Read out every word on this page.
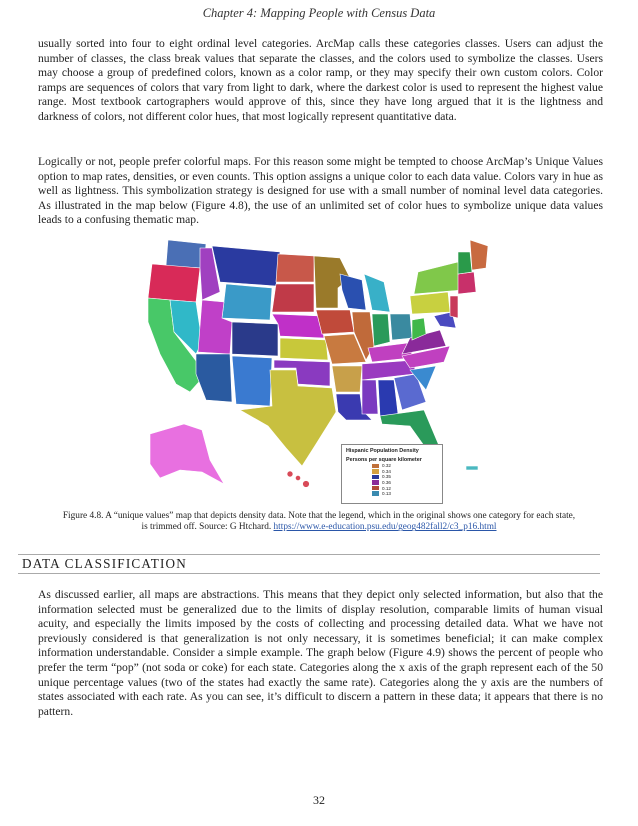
Chapter 4: Mapping People with Census Data

usually sorted into four to eight ordinal level categories. ArcMap calls these categories classes. Users can adjust the number of classes, the class break values that separate the classes, and the colors used to symbolize the classes. Users may choose a group of predefined colors, known as a color ramp, or they may specify their own custom colors. Color ramps are sequences of colors that vary from light to dark, where the darkest color is used to represent the highest value range. Most textbook cartographers would approve of this, since they have long argued that it is the lightness and darkness of colors, not different color hues, that most logically represent quantitative data.

Logically or not, people prefer colorful maps. For this reason some might be tempted to choose ArcMap’s Unique Values option to map rates, densities, or even counts. This option assigns a unique color to each data value. Colors vary in hue as well as lightness. This symbolization strategy is designed for use with a small number of nominal level data categories. As illustrated in the map below (Figure 4.8), the use of an unlimited set of color hues to symbolize unique data values leads to a confusing thematic map.

Hispanic Population Density
Persons per square kilometer
0.32
0.34
0.35
0.36
0.12
0.13
Figure 4.8. A “unique values” map that depicts density data. Note that the legend, which in the original shows one category for each state, is trimmed off. Source: G Htchard. https://www.e-education.psu.edu/geog482fall2/c3_p16.html
DATA CLASSIFICATION

As discussed earlier, all maps are abstractions. This means that they depict only selected information, but also that the information selected must be generalized due to the limits of display resolution, comparable limits of human visual acuity, and especially the limits imposed by the costs of collecting and processing detailed data. What we have not previously considered is that generalization is not only necessary, it is sometimes beneficial; it can make complex information understandable. Consider a simple example. The graph below (Figure 4.9) shows the percent of people who prefer the term “pop” (not soda or coke) for each state. Categories along the x axis of the graph represent each of the 50 unique percentage values (two of the states had exactly the same rate). Categories along the y axis are the numbers of states associated with each rate. As you can see, it’s difficult to discern a pattern in these data; it appears that there is no pattern.

32
